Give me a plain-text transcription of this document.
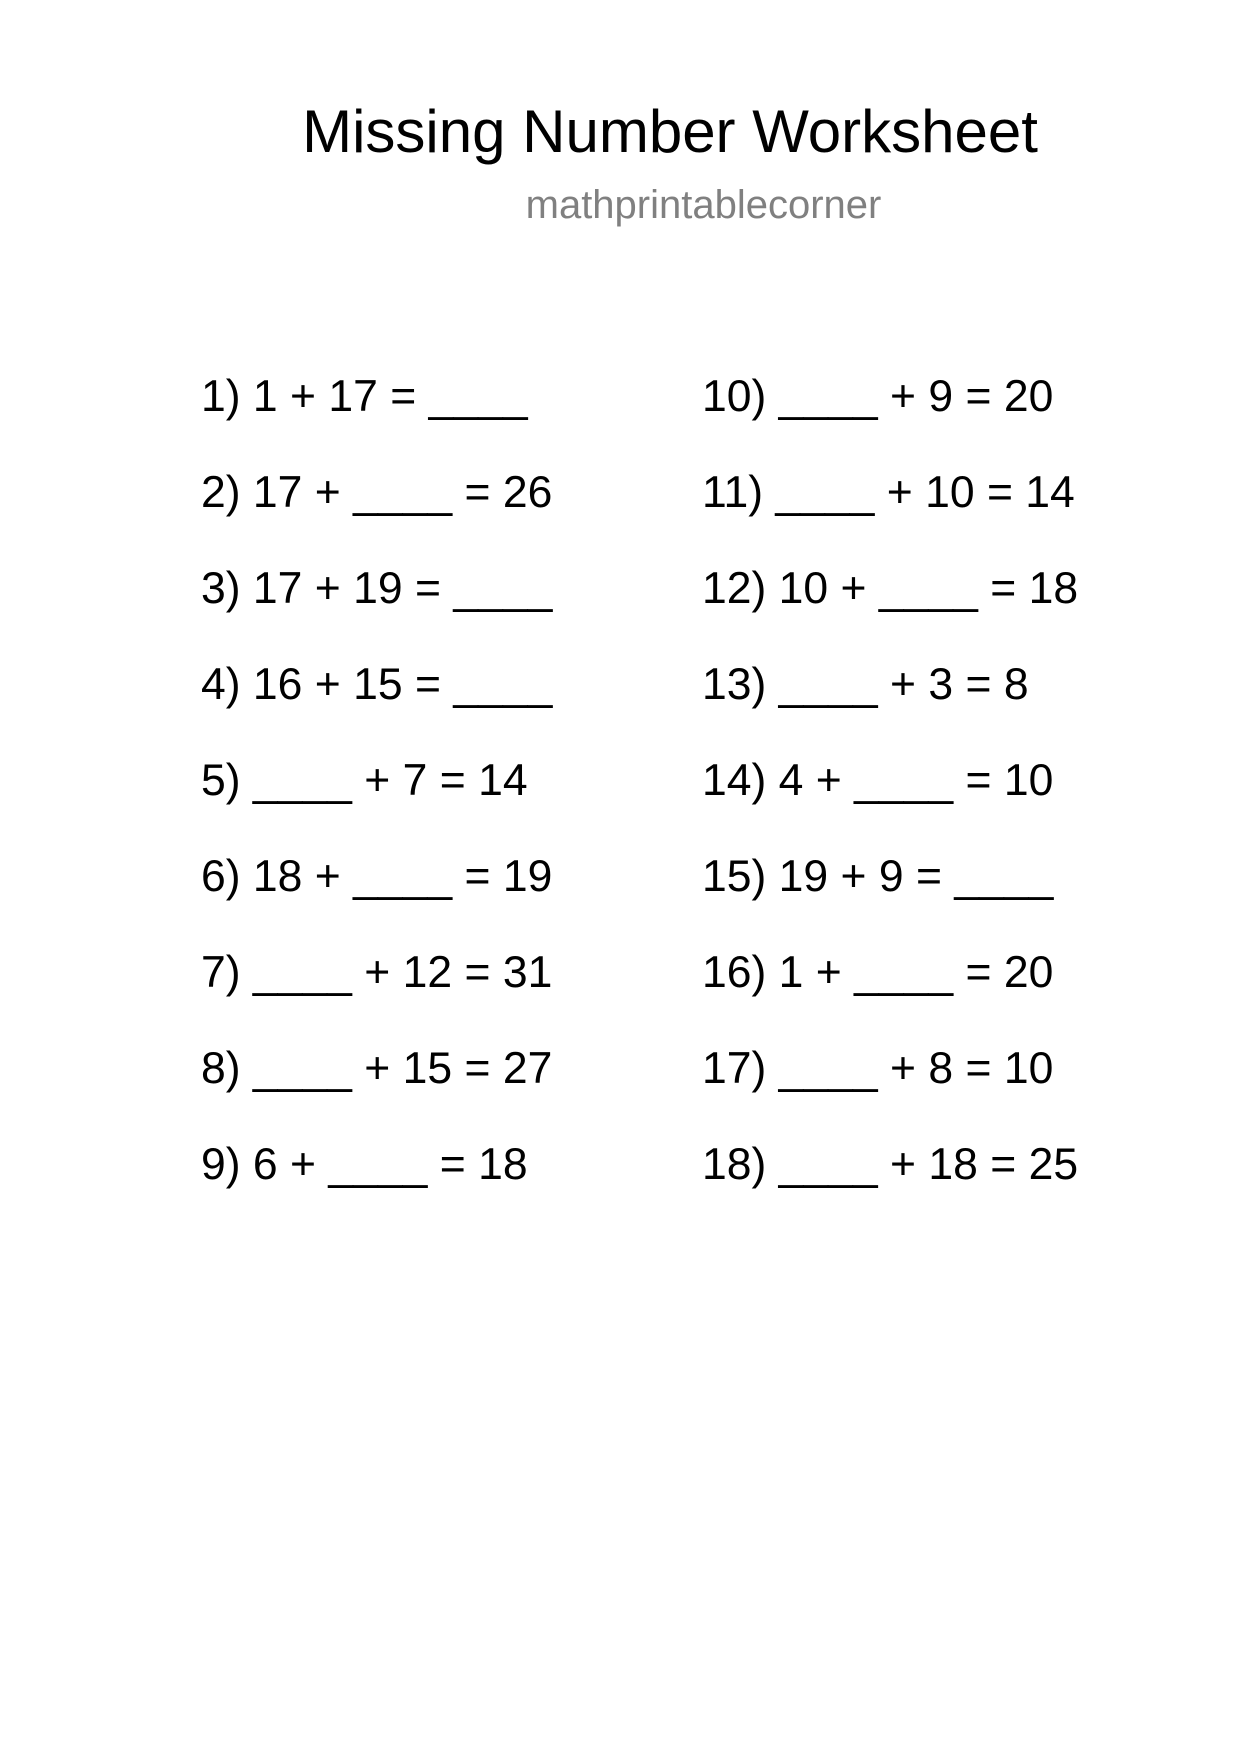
Missing Number Worksheet
mathprintablecorner
1) 1 + 17 = ____
2) 17 + ____ = 26
3) 17 + 19 = ____
4) 16 + 15 = ____
5) ____ + 7 = 14
6) 18 + ____ = 19
7) ____ + 12 = 31
8) ____ + 15 = 27
9) 6 + ____ = 18
10) ____ + 9 = 20
11) ____ + 10 = 14
12) 10 + ____ = 18
13) ____ + 3 = 8
14) 4 + ____ = 10
15) 19 + 9 = ____
16) 1 + ____ = 20
17) ____ + 8 = 10
18) ____ + 18 = 25
